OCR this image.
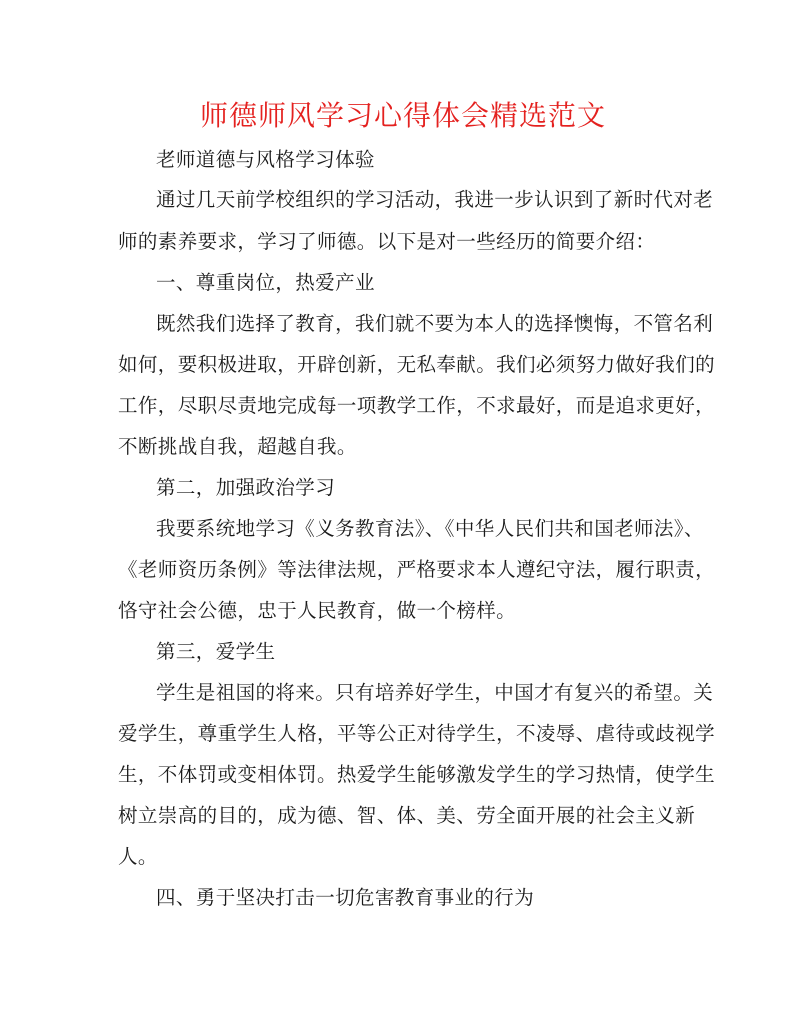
师德师风学习心得体会精选范文
老师道德与风格学习体验
通过几天前学校组织的学习活动，我进一步认识到了新时代对老
师的素养要求，学习了师德。以下是对一些经历的简要介绍：
一、尊重岗位，热爱产业
既然我们选择了教育，我们就不要为本人的选择懊悔，不管名利
如何，要积极进取，开辟创新，无私奉献。我们必须努力做好我们的
工作，尽职尽责地完成每一项教学工作，不求最好，而是追求更好，
不断挑战自我，超越自我。
第二，加强政治学习
我要系统地学习《义务教育法》、《中华人民们共和国老师法》、
《老师资历条例》等法律法规，严格要求本人遵纪守法，履行职责，
恪守社会公德，忠于人民教育，做一个榜样。
第三，爱学生
学生是祖国的将来。只有培养好学生，中国才有复兴的希望。关
爱学生，尊重学生人格，平等公正对待学生，不凌辱、虐待或歧视学
生，不体罚或变相体罚。热爱学生能够激发学生的学习热情，使学生
树立崇高的目的，成为德、智、体、美、劳全面开展的社会主义新
人。
四、勇于坚决打击一切危害教育事业的行为
